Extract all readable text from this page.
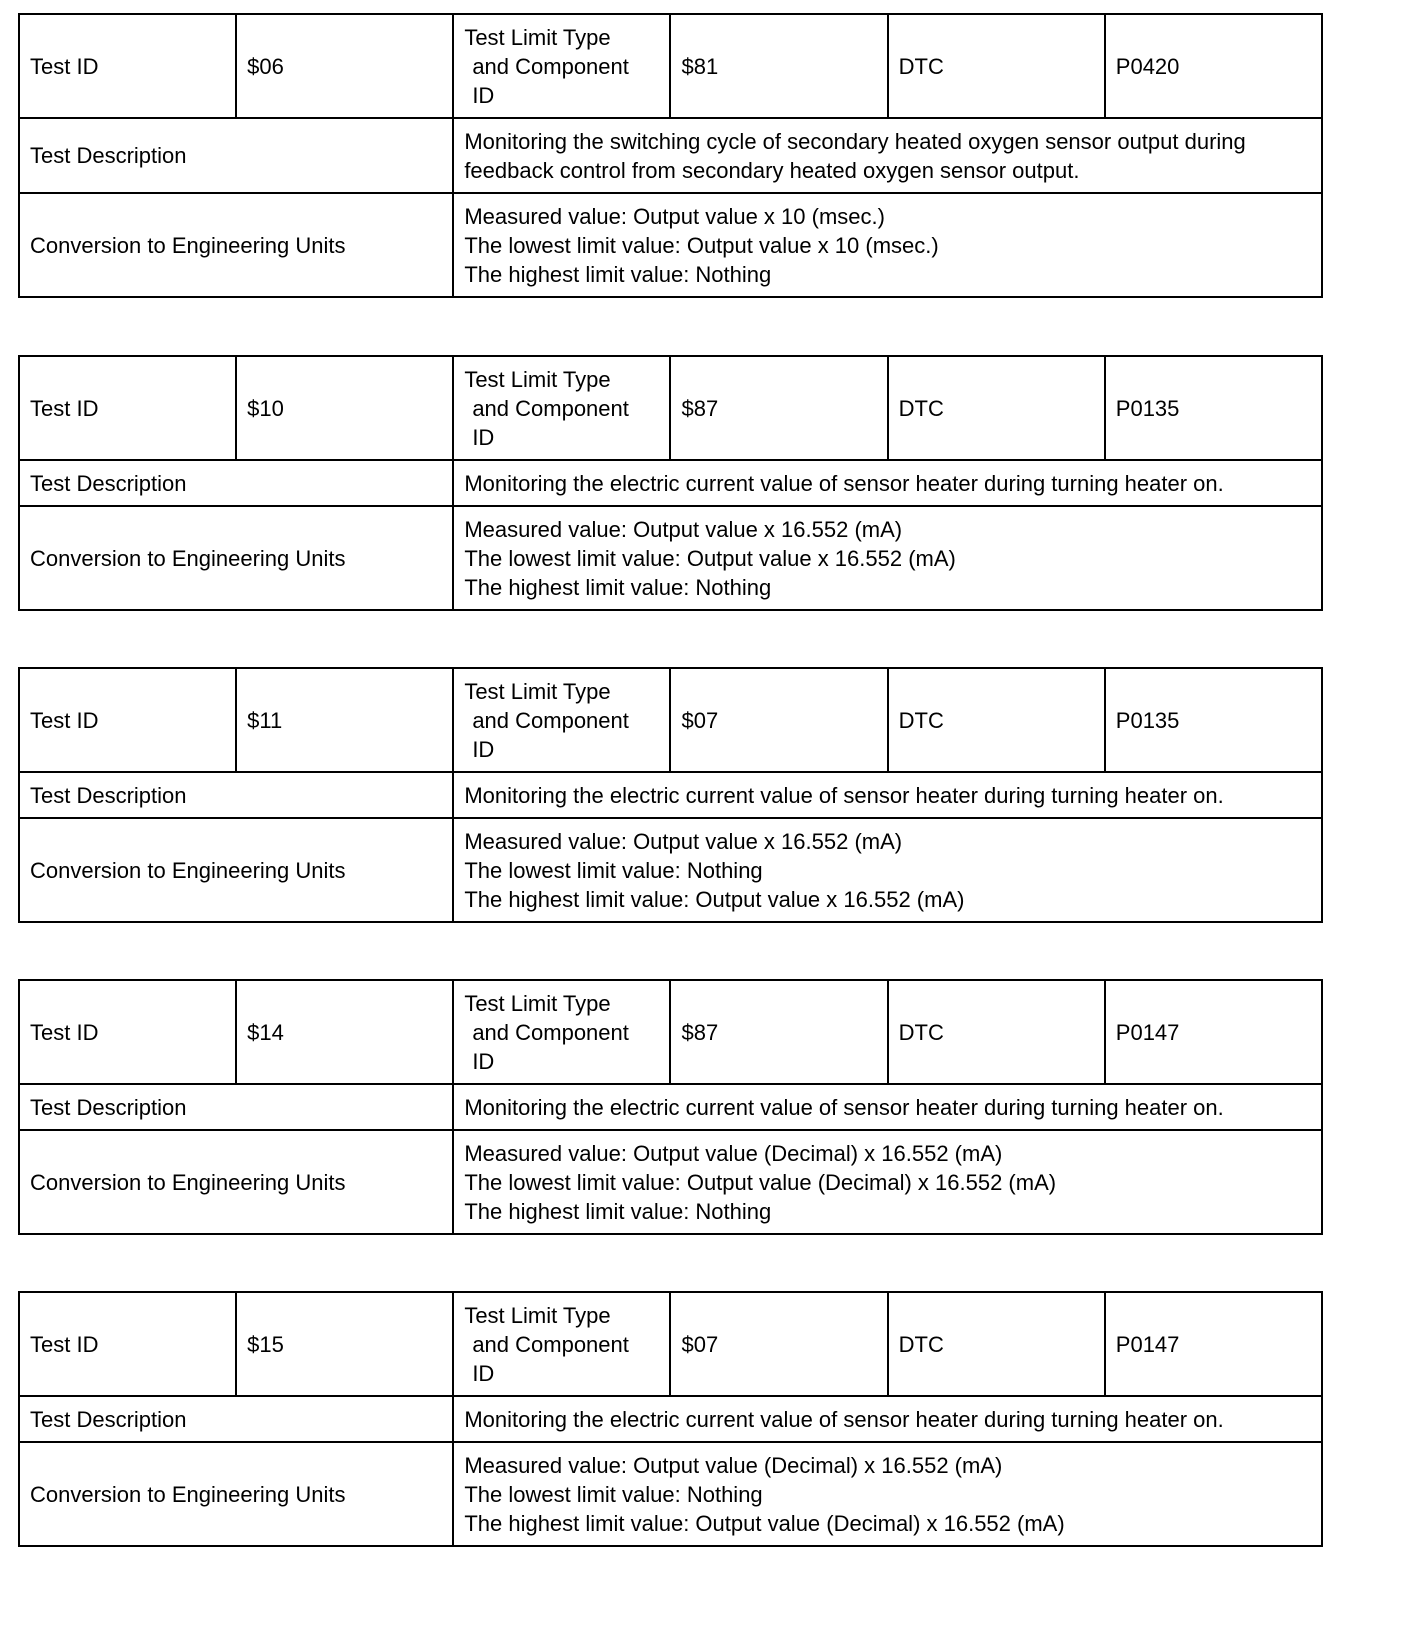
Test ID	$06	Test Limit Type
and Component
ID	$81	DTC	P0420
Test Description		Monitoring the switching cycle of secondary heated oxygen sensor output during
feedback control from secondary heated oxygen sensor output.			

Conversion to Engineering Units		Measured value: Output value x 10 (msec.)
The lowest limit value: Output value x 10 (msec.)
The highest limit value: Nothing			
Test ID	$10	Test Limit Type
and Component
ID	$87	DTC	P0135
Test Description		Monitoring the electric current value of sensor heater during turning heater on.			

Conversion to Engineering Units		Measured value: Output value x 16.552 (mA)
The lowest limit value: Output value x 16.552 (mA)
The highest limit value: Nothing			
Test ID	$11	Test Limit Type
and Component
ID	$07	DTC	P0135
Test Description		Monitoring the electric current value of sensor heater during turning heater on.			

Conversion to Engineering Units		Measured value: Output value x 16.552 (mA)
The lowest limit value: Nothing
The highest limit value: Output value x 16.552 (mA)			
Test ID	$14	Test Limit Type
and Component
ID	$87	DTC	P0147
Test Description		Monitoring the electric current value of sensor heater during turning heater on.			

Conversion to Engineering Units		Measured value: Output value (Decimal) x 16.552 (mA)
The lowest limit value: Output value (Decimal) x 16.552 (mA)
The highest limit value: Nothing			
Test ID	$15	Test Limit Type
and Component
ID	$07	DTC	P0147
Test Description		Monitoring the electric current value of sensor heater during turning heater on.			

Conversion to Engineering Units		Measured value: Output value (Decimal) x 16.552 (mA)
The lowest limit value: Nothing
The highest limit value: Output value (Decimal) x 16.552 (mA)			
